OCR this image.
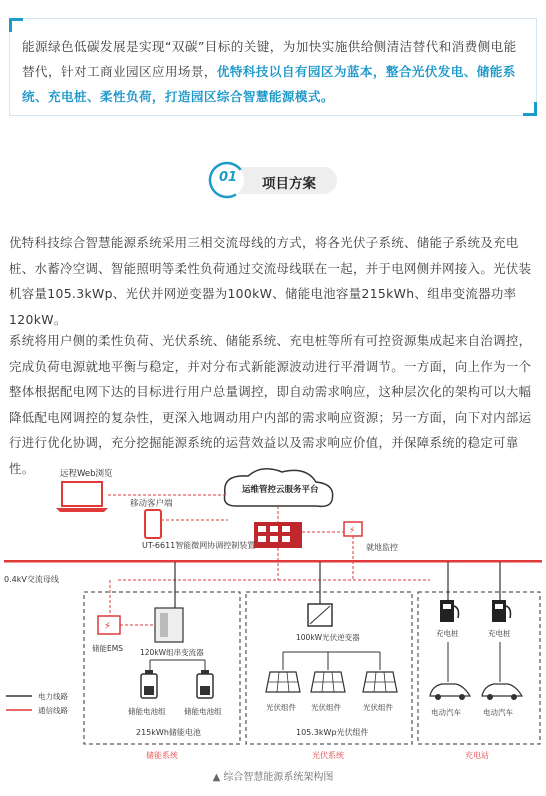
能源绿色低碳发展是实现“双碳”目标的关键，为加快实施供给侧清洁替代和消费侧电能替代，针对工商业园区应用场景，优特科技以自有园区为蓝本，整合光伏发电、储能系统、充电桩、柔性负荷，打造园区综合智慧能源模式。

01 项目方案

优特科技综合智慧能源系统采用三相交流母线的方式，将各光伏子系统、储能子系统及充电桩、水蓄冷空调、智能照明等柔性负荷通过交流母线联在一起，并于电网侧并网接入。光伏装机容量105.3kWp、光伏并网逆变器为100kW、储能电池容量215kWh、组串变流器功率120kW。

系统将用户侧的柔性负荷、光伏系统、储能系统、充电桩等所有可控资源集成起来自治调控，完成负荷电源就地平衡与稳定，并对分布式新能源波动进行平滑调节。一方面，向上作为一个整体根据配电网下达的目标进行用户总量调控，即自动需求响应，这种层次化的架构可以大幅降低配电网调控的复杂性，更深入地调动用户内部的需求响应资源；另一方面，向下对内部运行进行优化协调，充分挖掘能源系统的运营效益以及需求响应价值，并保障系统的稳定可靠性。	远程Web浏览
移动客户端
运维管控云服务平台
UT-6611智能微网协调控制装置
⚡
就地监控
0.4kV交流母线
⚡
储能EMS 120kW组串变流器
储能电池组 储能电池组
215kWh储能电池
100kW光伏逆变器
光伏组件 光伏组件	光伏组件
105.3kWp光伏组件
充电桩	充电桩
电动汽车	电动汽车
电力线路
通信线路
储能系统	光伏系统	充电站
▲ 综合智慧能源系统架构图
